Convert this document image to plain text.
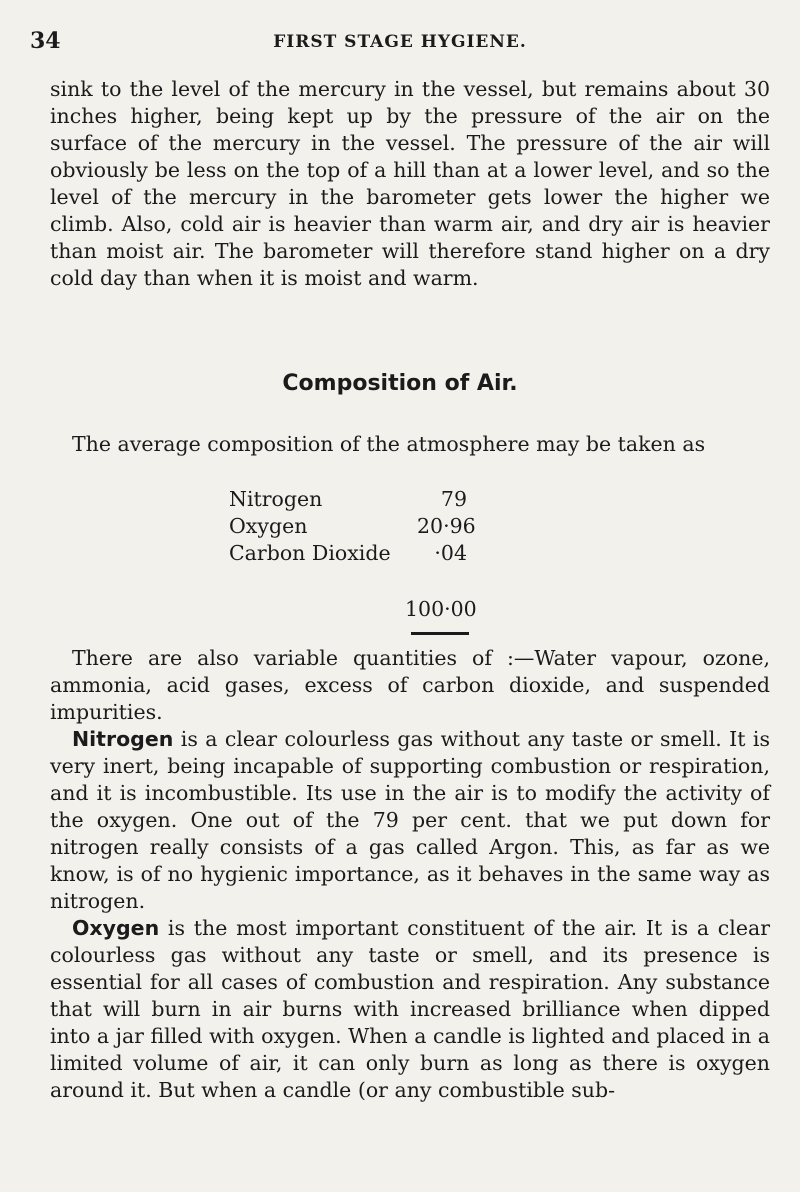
34	FIRST STAGE HYGIENE.

sink to the level of the mercury in the vessel, but remains about 30 inches higher, being kept up by the pressure of the air on the surface of the mercury in the vessel. The pressure of the air will obviously be less on the top of a hill than at a lower level, and so the level of the mercury in the barometer gets lower the higher we climb. Also, cold air is heavier than warm air, and dry air is heavier than moist air. The barometer will therefore stand higher on a dry cold day than when it is moist and warm.

Composition of Air.

The average composition of the atmosphere may be taken as

Nitrogen	79
Oxygen	20·96
Carbon Dioxide	·04
100·00

There are also variable quantities of :—Water vapour, ozone, ammonia, acid gases, excess of carbon dioxide, and suspended impurities.

Nitrogen is a clear colourless gas without any taste or smell. It is very inert, being incapable of supporting combustion or respiration, and it is incombustible. Its use in the air is to modify the activity of the oxygen. One out of the 79 per cent. that we put down for nitrogen really consists of a gas called Argon. This, as far as we know, is of no hygienic importance, as it behaves in the same way as nitrogen.

Oxygen is the most important constituent of the air. It is a clear colourless gas without any taste or smell, and its presence is essential for all cases of combustion and respiration. Any substance that will burn in air burns with increased brilliance when dipped into a jar filled with oxygen. When a candle is lighted and placed in a limited volume of air, it can only burn as long as there is oxygen around it. But when a candle (or any combustible sub-
